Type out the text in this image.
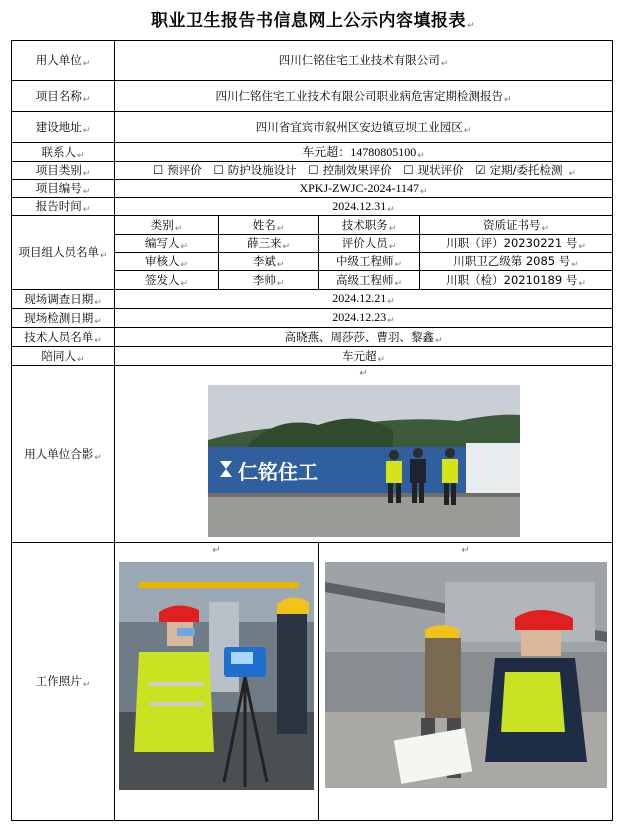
职业卫生报告书信息网上公示内容填报表↵
用人单位↵	四川仁铭住宅工业技术有限公司↵			
项目名称↵	四川仁铭住宅工业技术有限公司职业病危害定期检测报告↵			
建设地址↵	四川省宜宾市叙州区安边镇豆坝工业园区↵			
联系人↵	车元超：14780805100↵			
项目类别↵	☐ 预评价 ☐ 防护设施设计 ☐ 控制效果评价 ☐ 现状评价 ☑ 定期/委托检测 ↵			
项目编号↵	XPKJ-ZWJC-2024-1147↵			
报告时间↵	2024.12.31↵			
项目组人员名单↵	类别↵	姓名↵	技术职务↵	资质证书号↵
	编写人↵	薛三来↵	评价人员↵	川职（评）20230221 号↵
	审核人↵	李斌↵	中级工程师↵	川职卫乙级第 2085 号↵
	签发人↵	李帅↵	高级工程师↵	川职（检）20210189 号↵
现场调查日期↵	2024.12.21↵			
现场检测日期↵	2024.12.23↵			
技术人员名单↵	高晓燕、周莎莎、曹羽、黎鑫↵			
陪同人↵	车元超↵			
用人单位合影↵	↵
仁铭住工			

工作照片↵	↵		↵	
